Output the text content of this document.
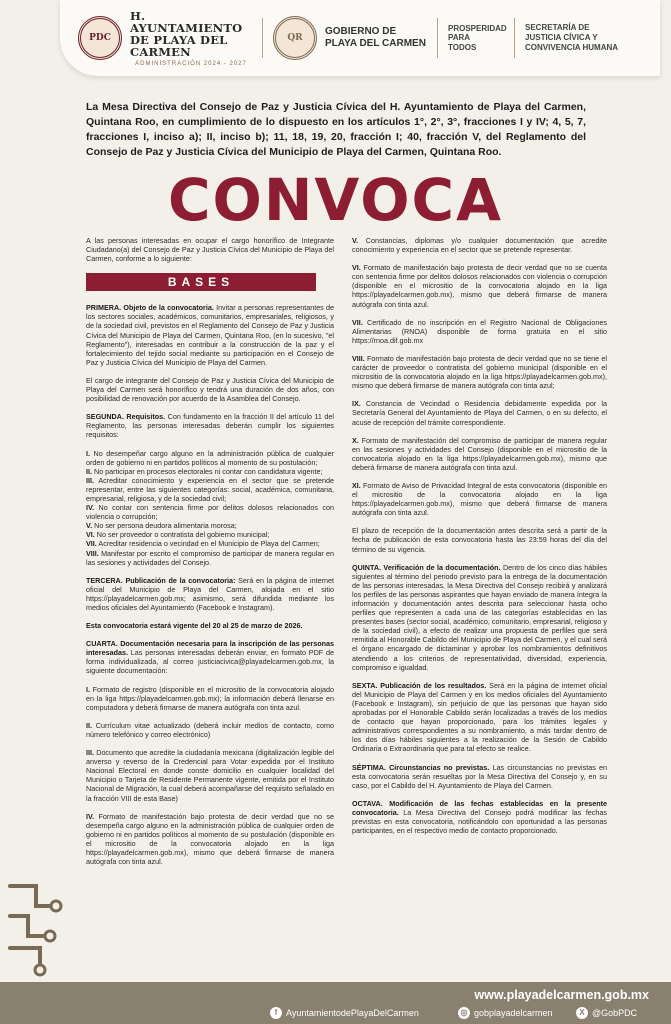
PDC
H. AYUNTAMIENTO
DE PLAYA DEL CARMEN
ADMINISTRACIÓN 2024 - 2027
QR
GOBIERNO DE
PLAYA DEL CARMEN
PROSPERIDAD
PARA
TODOS
SECRETARÍA DE
JUSTICIA CÍVICA Y
CONVIVENCIA HUMANA
La Mesa Directiva del Consejo de Paz y Justicia Cívica del H. Ayuntamiento de Playa del Carmen, Quintana Roo, en cumplimiento de lo dispuesto en los artículos 1°, 2°, 3°, fracciones I y IV; 4, 5, 7, fracciones I, inciso a); II, inciso b); 11, 18, 19, 20, fracción I; 40, fracción V, del Reglamento del Consejo de Paz y Justicia Cívica del Municipio de Playa del Carmen, Quintana Roo.
CONVOCA

A las personas interesadas en ocupar el cargo honorífico de Integrante Ciudadano(a) del Consejo de Paz y Justicia Cívica del Municipio de Playa del Carmen, conforme a lo siguiente:

BASES

PRIMERA. Objeto de la convocatoria. Invitar a personas representantes de los sectores sociales, académicos, comunitarios, empresariales, religiosos, y de la sociedad civil, previstos en el Reglamento del Consejo de Paz y Justicia Cívica del Municipio de Playa del Carmen, Quintana Roo, (en lo sucesivo, "el Reglamento"), interesadas en contribuir a la construcción de la paz y el fortalecimiento del tejido social mediante su participación en el Consejo de Paz y Justicia Cívica del Municipio de Playa del Carmen.

El cargo de integrante del Consejo de Paz y Justicia Cívica del Municipio de Playa del Carmen será honorífico y tendrá una duración de dos años, con posibilidad de renovación por acuerdo de la Asamblea del Consejo.

SEGUNDA. Requisitos. Con fundamento en la fracción II del artículo 11 del Reglamento, las personas interesadas deberán cumplir los siguientes requisitos:

I. No desempeñar cargo alguno en la administración pública de cualquier orden de gobierno ni en partidos políticos al momento de su postulación;
II. No participar en procesos electorales ni contar con candidatura vigente;
III. Acreditar conocimiento y experiencia en el sector que se pretende representar, entre las siguientes categorías: social, académica, comunitaria, empresarial, religiosa, y de la sociedad civil;
IV. No contar con sentencia firme por delitos dolosos relacionados con violencia o corrupción;
V. No ser persona deudora alimentaria morosa;
VI. No ser proveedor o contratista del gobierno municipal;
VII. Acreditar residencia o vecindad en el Municipio de Playa del Carmen;
VIII. Manifestar por escrito el compromiso de participar de manera regular en las sesiones y actividades del Consejo.

TERCERA. Publicación de la convocatoria: Será en la página de internet oficial del Municipio de Playa del Carmen, alojada en el sitio https://playadelcarmen.gob.mx; asimismo, será difundida mediante los medios oficiales del Ayuntamiento (Facebook e Instagram).

Esta convocatoria estará vigente del 20 al 25 de marzo de 2026.

CUARTA. Documentación necesaria para la inscripción de las personas interesadas. Las personas interesadas deberán enviar, en formato PDF de forma individualizada, al correo justiciacivica@playadelcarmen.gob.mx, la siguiente documentación:

I. Formato de registro (disponible en el micrositio de la convocatoria alojado en la liga https://playadelcarmen.gob.mx); la información deberá llenarse en computadora y deberá firmarse de manera autógrafa con tinta azul.

II. Currículum vitae actualizado (deberá incluir medios de contacto, como número telefónico y correo electrónico)

III. Documento que acredite la ciudadanía mexicana (digitalización legible del anverso y reverso de la Credencial para Votar expedida por el Instituto Nacional Electoral en donde conste domicilio en cualquier localidad del Municipio o Tarjeta de Residente Permanente vigente, emitida por el Instituto Nacional de Migración, la cual deberá acompañarse del requisito señalado en la fracción VIII de esta Base)

IV. Formato de manifestación bajo protesta de decir verdad que no se desempeña cargo alguno en la administración pública de cualquier orden de gobierno ni en partidos políticos al momento de su postulación (disponible en el micrositio de la convocatoria alojado en la liga https://playadelcarmen.gob.mx), mismo que deberá firmarse de manera autógrafa con tinta azul.

V. Constancias, diplomas y/o cualquier documentación que acredite conocimiento y experiencia en el sector que se pretende representar.

VI. Formato de manifestación bajo protesta de decir verdad que no se cuenta con sentencia firme por delitos dolosos relacionados con violencia o corrupción (disponible en el micrositio de la convocatoria alojado en la liga https://playadelcarmen.gob.mx), mismo que deberá firmarse de manera autógrafa con tinta azul.

VII. Certificado de no inscripción en el Registro Nacional de Obligaciones Alimentarias (RNOA) disponible de forma gratuita en el sitio https://rnoa.dif.gob.mx

VIII. Formato de manifestación bajo protesta de decir verdad que no se tiene el carácter de proveedor o contratista del gobierno municipal (disponible en el micrositio de la convocatoria alojado en la liga https://playadelcarmen.gob.mx), mismo que deberá firmarse de manera autógrafa con tinta azul;

IX. Constancia de Vecindad o Residencia debidamente expedida por la Secretaría General del Ayuntamiento de Playa del Carmen, o en su defecto, el acuse de recepción del trámite correspondiente.

X. Formato de manifestación del compromiso de participar de manera regular en las sesiones y actividades del Consejo (disponible en el micrositio de la convocatoria alojado en la liga https://playadelcarmen.gob.mx), mismo que deberá firmarse de manera autógrafa con tinta azul.

XI. Formato de Aviso de Privacidad Integral de esta convocatoria (disponible en el micrositio de la convocatoria alojado en la liga https://playadelcarmen.gob.mx), mismo que deberá firmarse de manera autógrafa con tinta azul.

El plazo de recepción de la documentación antes descrita será a partir de la fecha de publicación de esta convocatoria hasta las 23:59 horas del día del término de su vigencia.

QUINTA. Verificación de la documentación. Dentro de los cinco días hábiles siguientes al término del periodo previsto para la entrega de la documentación de las personas interesadas, la Mesa Directiva del Consejo recibirá y analizará los perfiles de las personas aspirantes que hayan enviado de manera íntegra la información y documentación antes descrita para seleccionar hasta ocho perfiles que representen a cada una de las categorías establecidas en las presentes bases (sector social, académico, comunitario, empresarial, religioso y de la sociedad civil), a efecto de realizar una propuesta de perfiles que será remitida al Honorable Cabildo del Municipio de Playa del Carmen, y el cual será el órgano encargado de dictaminar y aprobar los nombramientos definitivos atendiendo a los criterios de representatividad, diversidad, experiencia, compromiso e igualdad.

SEXTA. Publicación de los resultados. Será en la página de internet oficial del Municipio de Playa del Carmen y en los medios oficiales del Ayuntamiento (Facebook e Instagram), sin perjuicio de que las personas que hayan sido aprobadas por el Honorable Cabildo serán localizadas a través de los medios de contacto que hayan proporcionado, para los trámites legales y administrativos correspondientes a su nombramiento, a más tardar dentro de los dos días hábiles siguientes a la realización de la Sesión de Cabildo Ordinaria o Extraordinaria que para tal efecto se realice.

SÉPTIMA. Circunstancias no previstas. Las circunstancias no previstas en esta convocatoria serán resueltas por la Mesa Directiva del Consejo y, en su caso, por el Cabildo del H. Ayuntamiento de Playa del Carmen.

OCTAVA. Modificación de las fechas establecidas en la presente convocatoria. La Mesa Directiva del Consejo podrá modificar las fechas previstas en esta convocatoria, notificándolo con oportunidad a las personas participantes, en el respectivo medio de contacto proporcionado.

www.playadelcarmen.gob.mx
f AyuntamientodePlayaDelCarmen	◎ gobplayadelcarmen	X @GobPDC
